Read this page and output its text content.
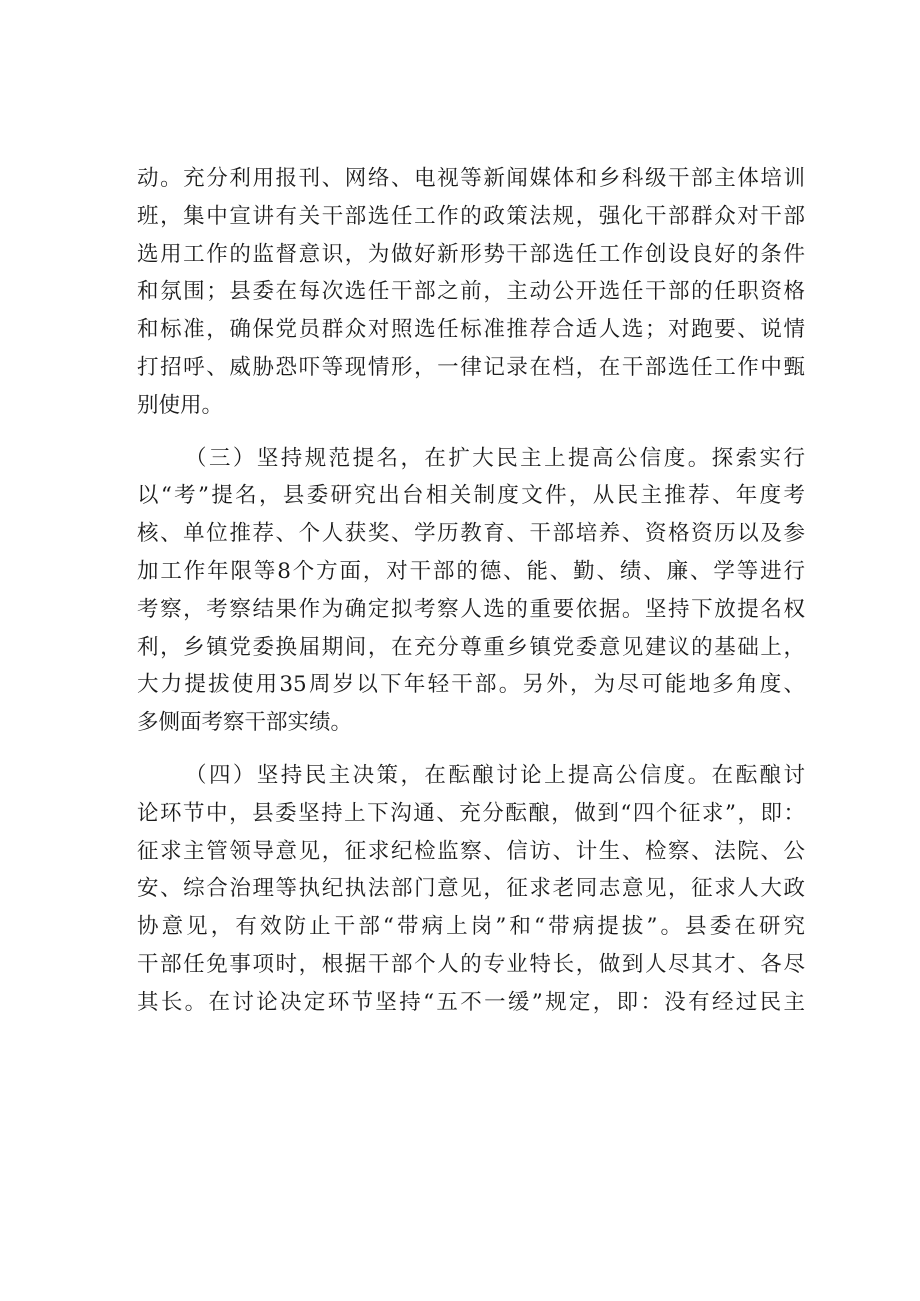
动。充分利用报刊、网络、电视等新闻媒体和乡科级干部主体培训
班，集中宣讲有关干部选任工作的政策法规，强化干部群众对干部
选用工作的监督意识，为做好新形势干部选任工作创设良好的条件
和氛围；县委在每次选任干部之前，主动公开选任干部的任职资格
和标准，确保党员群众对照选任标准推荐合适人选；对跑要、说情
打招呼、威胁恐吓等现情形，一律记录在档，在干部选任工作中甄
别使用。
（三）坚持规范提名，在扩大民主上提高公信度。探索实行
以“考”提名，县委研究出台相关制度文件，从民主推荐、年度考
核、单位推荐、个人获奖、学历教育、干部培养、资格资历以及参
加工作年限等8个方面，对干部的德、能、勤、绩、廉、学等进行
考察，考察结果作为确定拟考察人选的重要依据。坚持下放提名权
利，乡镇党委换届期间，在充分尊重乡镇党委意见建议的基础上，
大力提拔使用35周岁以下年轻干部。另外，为尽可能地多角度、
多侧面考察干部实绩。
（四）坚持民主决策，在酝酿讨论上提高公信度。在酝酿讨
论环节中，县委坚持上下沟通、充分酝酿，做到“四个征求”，即：
征求主管领导意见，征求纪检监察、信访、计生、检察、法院、公
安、综合治理等执纪执法部门意见，征求老同志意见，征求人大政
协意见，有效防止干部“带病上岗”和“带病提拔”。县委在研究
干部任免事项时，根据干部个人的专业特长，做到人尽其才、各尽
其长。在讨论决定环节坚持“五不一缓”规定，即：没有经过民主
